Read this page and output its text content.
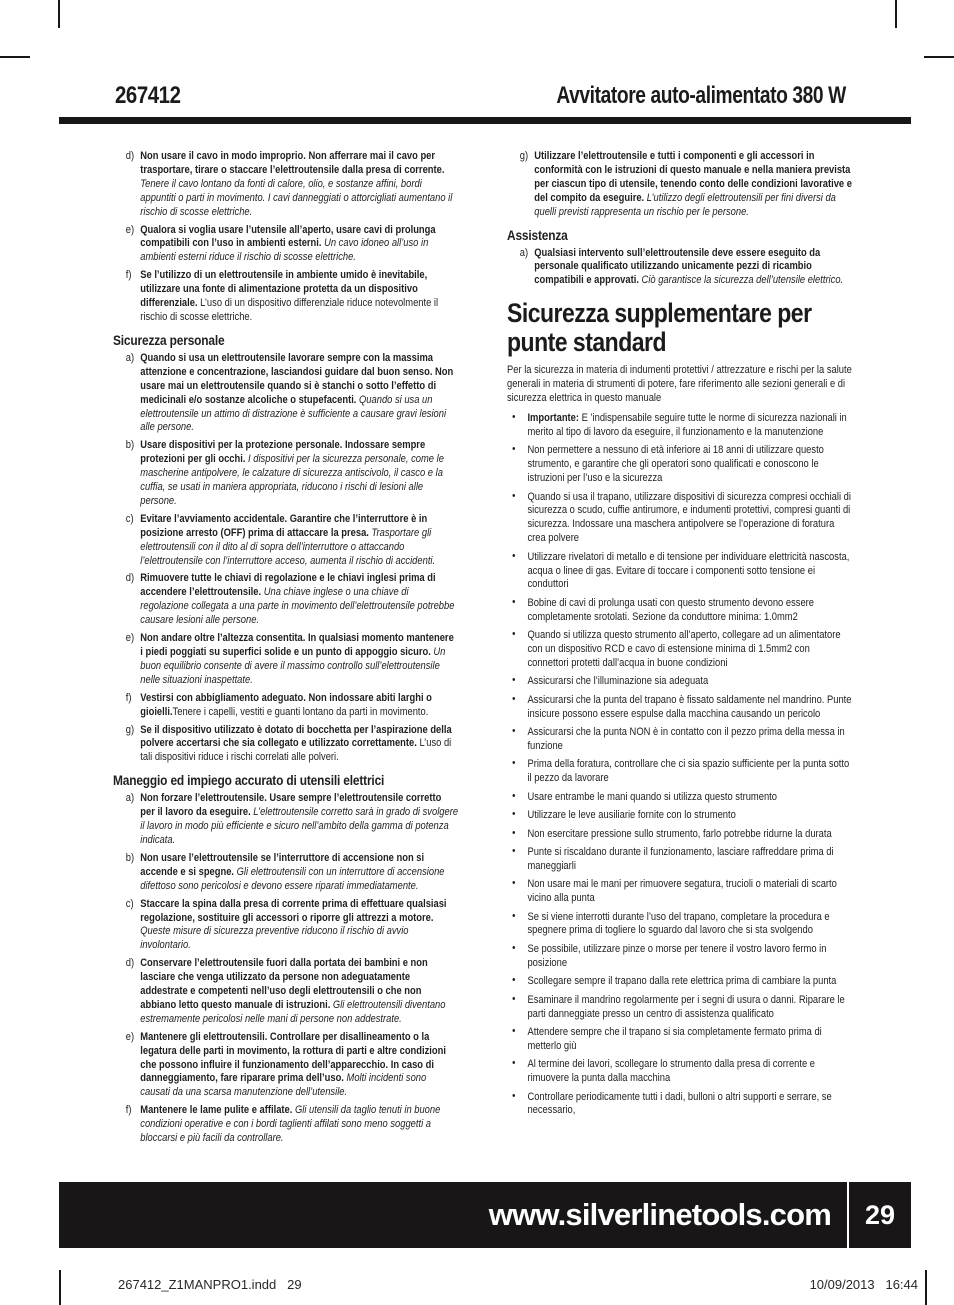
267412	Avvitatore auto-alimentato 380 W
d) Non usare il cavo in modo improprio. Non afferrare mai il cavo per trasportare, tirare o staccare l’elettroutensile dalla presa di corrente. Tenere il cavo lontano da fonti di calore, olio, e sostanze affini, bordi appuntiti o parti in movimento. I cavi danneggiati o attorcigliati aumentano il rischio di scosse elettriche.
e) Qualora si voglia usare l’utensile all’aperto, usare cavi di prolunga compatibili con l’uso in ambienti esterni. Un cavo idoneo all’uso in ambienti esterni riduce il rischio di scosse elettriche.
f) Se l’utilizzo di un elettroutensile in ambiente umido è inevitabile, utilizzare una fonte di alimentazione protetta da un dispositivo differenziale. L’uso di un dispositivo differenziale riduce notevolmente il rischio di scosse elettriche.
Sicurezza personale
a) Quando si usa un elettroutensile lavorare sempre con la massima attenzione e concentrazione, lasciandosi guidare dal buon senso. Non usare mai un elettroutensile quando si è stanchi o sotto l’effetto di medicinali e/o sostanze alcoliche o stupefacenti. Quando si usa un elettroutensile un attimo di distrazione è sufficiente a causare gravi lesioni alle persone.
b) Usare dispositivi per la protezione personale. Indossare sempre protezioni per gli occhi. I dispositivi per la sicurezza personale, come le mascherine antipolvere, le calzature di sicurezza antiscivolo, il casco e la cuffia, se usati in maniera appropriata, riducono i rischi di lesioni alle persone.
c) Evitare l’avviamento accidentale. Garantire che l’interruttore è in posizione arresto (OFF) prima di attaccare la presa. Trasportare gli elettroutensili con il dito al di sopra dell’interruttore o attaccando l’elettroutensile con l’interruttore acceso, aumenta il rischio di accidenti.
d) Rimuovere tutte le chiavi di regolazione e le chiavi inglesi prima di accendere l’elettroutensile. Una chiave inglese o una chiave di regolazione collegata a una parte in movimento dell’elettroutensile potrebbe causare lesioni alle persone.
e) Non andare oltre l’altezza consentita. In qualsiasi momento mantenere i piedi poggiati su superfici solide e un punto di appoggio sicuro. Un buon equilibrio consente di avere il massimo controllo sull’elettroutensile nelle situazioni inaspettate.
f) Vestirsi con abbigliamento adeguato. Non indossare abiti larghi o gioielli.Tenere i capelli, vestiti e guanti lontano da parti in movimento.
g) Se il dispositivo utilizzato è dotato di bocchetta per l’aspirazione della polvere accertarsi che sia collegato e utilizzato correttamente. L’uso di tali dispositivi riduce i rischi correlati alle polveri.
Maneggio ed impiego accurato di utensili elettrici
a) Non forzare l’elettroutensile. Usare sempre l’elettroutensile corretto per il lavoro da eseguire. L’elettroutensile corretto sarà in grado di svolgere il lavoro in modo più efficiente e sicuro nell’ambito della gamma di potenza indicata.
b) Non usare l’elettroutensile se l’interruttore di accensione non si accende e si spegne. Gli elettroutensili con un interruttore di accensione difettoso sono pericolosi e devono essere riparati immediatamente.
c) Staccare la spina dalla presa di corrente prima di effettuare qualsiasi regolazione, sostituire gli accessori o riporre gli attrezzi a motore. Queste misure di sicurezza preventive riducono il rischio di avvio involontario.
d) Conservare l’elettroutensile fuori dalla portata dei bambini e non lasciare che venga utilizzato da persone non adeguatamente addestrate e competenti nell’uso degli elettroutensili o che non abbiano letto questo manuale di istruzioni. Gli elettroutensili diventano estremamente pericolosi nelle mani di persone non addestrate.
e) Mantenere gli elettroutensili. Controllare per disallineamento o la legatura delle parti in movimento, la rottura di parti e altre condizioni che possono influire il funzionamento dell’apparecchio. In caso di danneggiamento, fare riparare prima dell’uso. Molti incidenti sono causati da una scarsa manutenzione dell’utensile.
f) Mantenere le lame pulite e affilate. Gli utensili da taglio tenuti in buone condizioni operative e con i bordi taglienti affilati sono meno soggetti a bloccarsi e più facili da controllare.
g) Utilizzare l’elettroutensile e tutti i componenti e gli accessori in conformità con le istruzioni di questo manuale e nella maniera prevista per ciascun tipo di utensile, tenendo conto delle condizioni lavorative e del compito da eseguire. L’utilizzo degli elettroutensili per fini diversi da quelli previsti rappresenta un rischio per le persone.
Assistenza
a) Qualsiasi intervento sull’elettroutensile deve essere eseguito da personale qualificato utilizzando unicamente pezzi di ricambio compatibili e approvati. Ciò garantisce la sicurezza dell’utensile elettrico.
Sicurezza supplementare per punte standard
Per la sicurezza in materia di indumenti protettivi / attrezzature e rischi per la salute generali in materia di strumenti di potere, fare riferimento alle sezioni generali e di sicurezza elettrica in questo manuale
• Importante: E ’indispensabile seguire tutte le norme di sicurezza nazionali in merito al tipo di lavoro da eseguire, il funzionamento e la manutenzione
• Non permettere a nessuno di età inferiore ai 18 anni di utilizzare questo strumento, e garantire che gli operatori sono qualificati e conoscono le istruzioni per l’uso e la sicurezza
• Quando si usa il trapano, utilizzare dispositivi di sicurezza compresi occhiali di sicurezza o scudo, cuffie antirumore, e indumenti protettivi, compresi guanti di sicurezza. Indossare una maschera antipolvere se l’operazione di foratura crea polvere
• Utilizzare rivelatori di metallo e di tensione per individuare elettricità nascosta, acqua o linee di gas. Evitare di toccare i componenti sotto tensione ei conduttori
• Bobine di cavi di prolunga usati con questo strumento devono essere completamente srotolati. Sezione da conduttore minima: 1.0mm2
• Quando si utilizza questo strumento all’aperto, collegare ad un alimentatore con un dispositivo RCD e cavo di estensione minima di 1.5mm2 con connettori protetti dall’acqua in buone condizioni
• Assicurarsi che l’illuminazione sia adeguata
• Assicurarsi che la punta del trapano è fissato saldamente nel mandrino. Punte insicure possono essere espulse dalla macchina causando un pericolo
• Assicurarsi che la punta NON è in contatto con il pezzo prima della messa in funzione
• Prima della foratura, controllare che ci sia spazio sufficiente per la punta sotto il pezzo da lavorare
• Usare entrambe le mani quando si utilizza questo strumento
• Utilizzare le leve ausiliarie fornite con lo strumento
• Non esercitare pressione sullo strumento, farlo potrebbe ridurne la durata
• Punte si riscaldano durante il funzionamento, lasciare raffreddare prima di maneggiarli
• Non usare mai le mani per rimuovere segatura, trucioli o materiali di scarto vicino alla punta
• Se si viene interrotti durante l’uso del trapano, completare la procedura e spegnere prima di togliere lo sguardo dal lavoro che si sta svolgendo
• Se possibile, utilizzare pinze o morse per tenere il vostro lavoro fermo in posizione
• Scollegare sempre il trapano dalla rete elettrica prima di cambiare la punta
• Esaminare il mandrino regolarmente per i segni di usura o danni. Riparare le parti danneggiate presso un centro di assistenza qualificato
• Attendere sempre che il trapano si sia completamente fermato prima di metterlo giù
• Al termine dei lavori, scollegare lo strumento dalla presa di corrente e rimuovere la punta dalla macchina
• Controllare periodicamente tutti i dadi, bulloni o altri supporti e serrare, se necessario,
www.silverlinetools.com	29
267412_Z1MANPRO1.indd   29	10/09/2013   16:44
